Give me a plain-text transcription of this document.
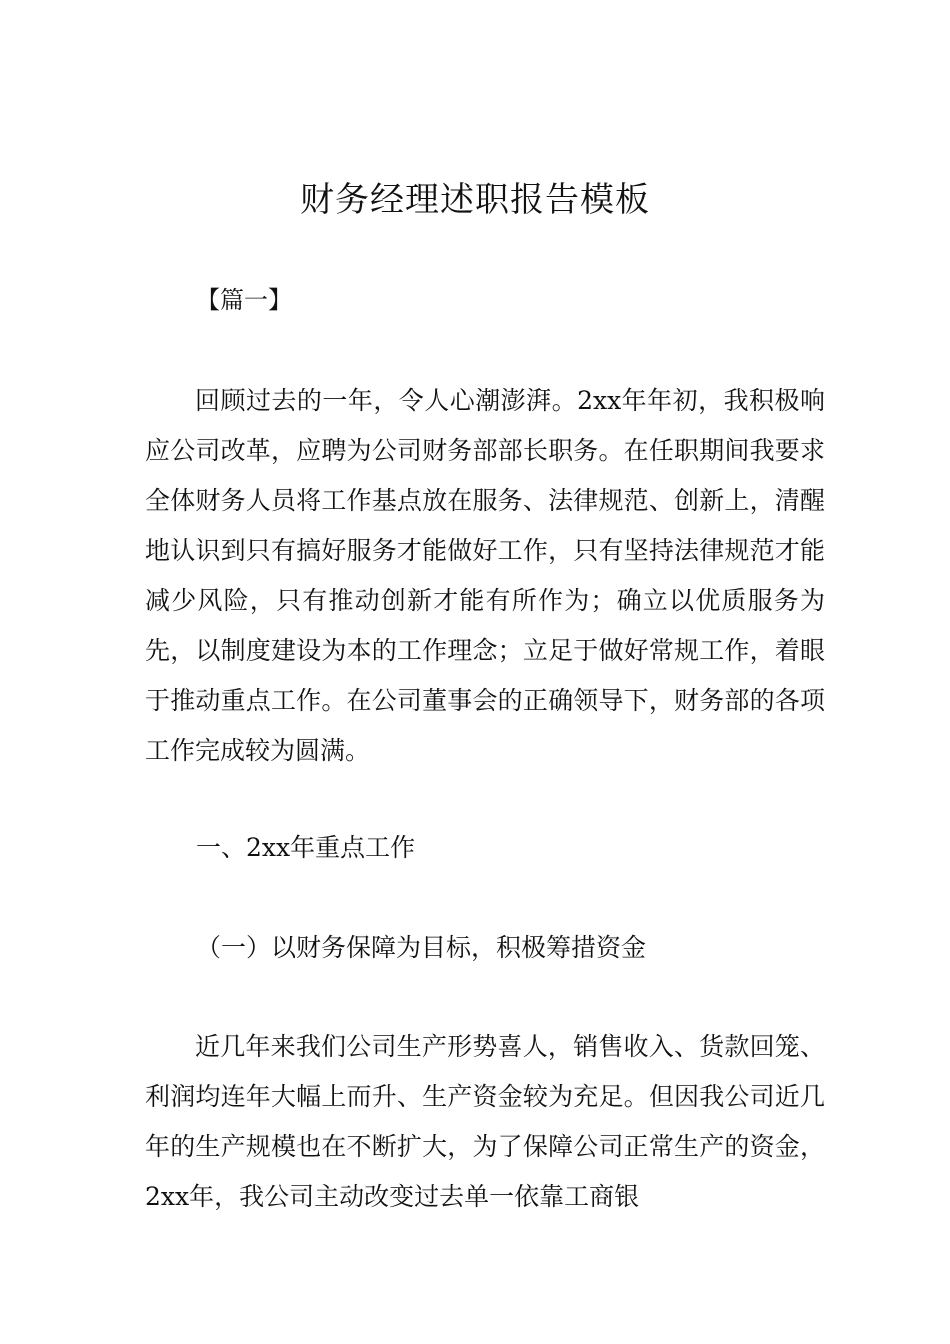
财务经理述职报告模板
【篇一】
回顾过去的一年，令人心潮澎湃。2xx年年初，我积极响应公司改革，应聘为公司财务部部长职务。在任职期间我要求全体财务人员将工作基点放在服务、法律规范、创新上，清醒地认识到只有搞好服务才能做好工作，只有坚持法律规范才能减少风险，只有推动创新才能有所作为；确立以优质服务为先，以制度建设为本的工作理念；立足于做好常规工作，着眼于推动重点工作。在公司董事会的正确领导下，财务部的各项工作完成较为圆满。
一、2xx年重点工作
（一）以财务保障为目标，积极筹措资金
近几年来我们公司生产形势喜人，销售收入、货款回笼、利润均连年大幅上而升、生产资金较为充足。但因我公司近几年的生产规模也在不断扩大，为了保障公司正常生产的资金，2xx年，我公司主动改变过去单一依靠工商银
